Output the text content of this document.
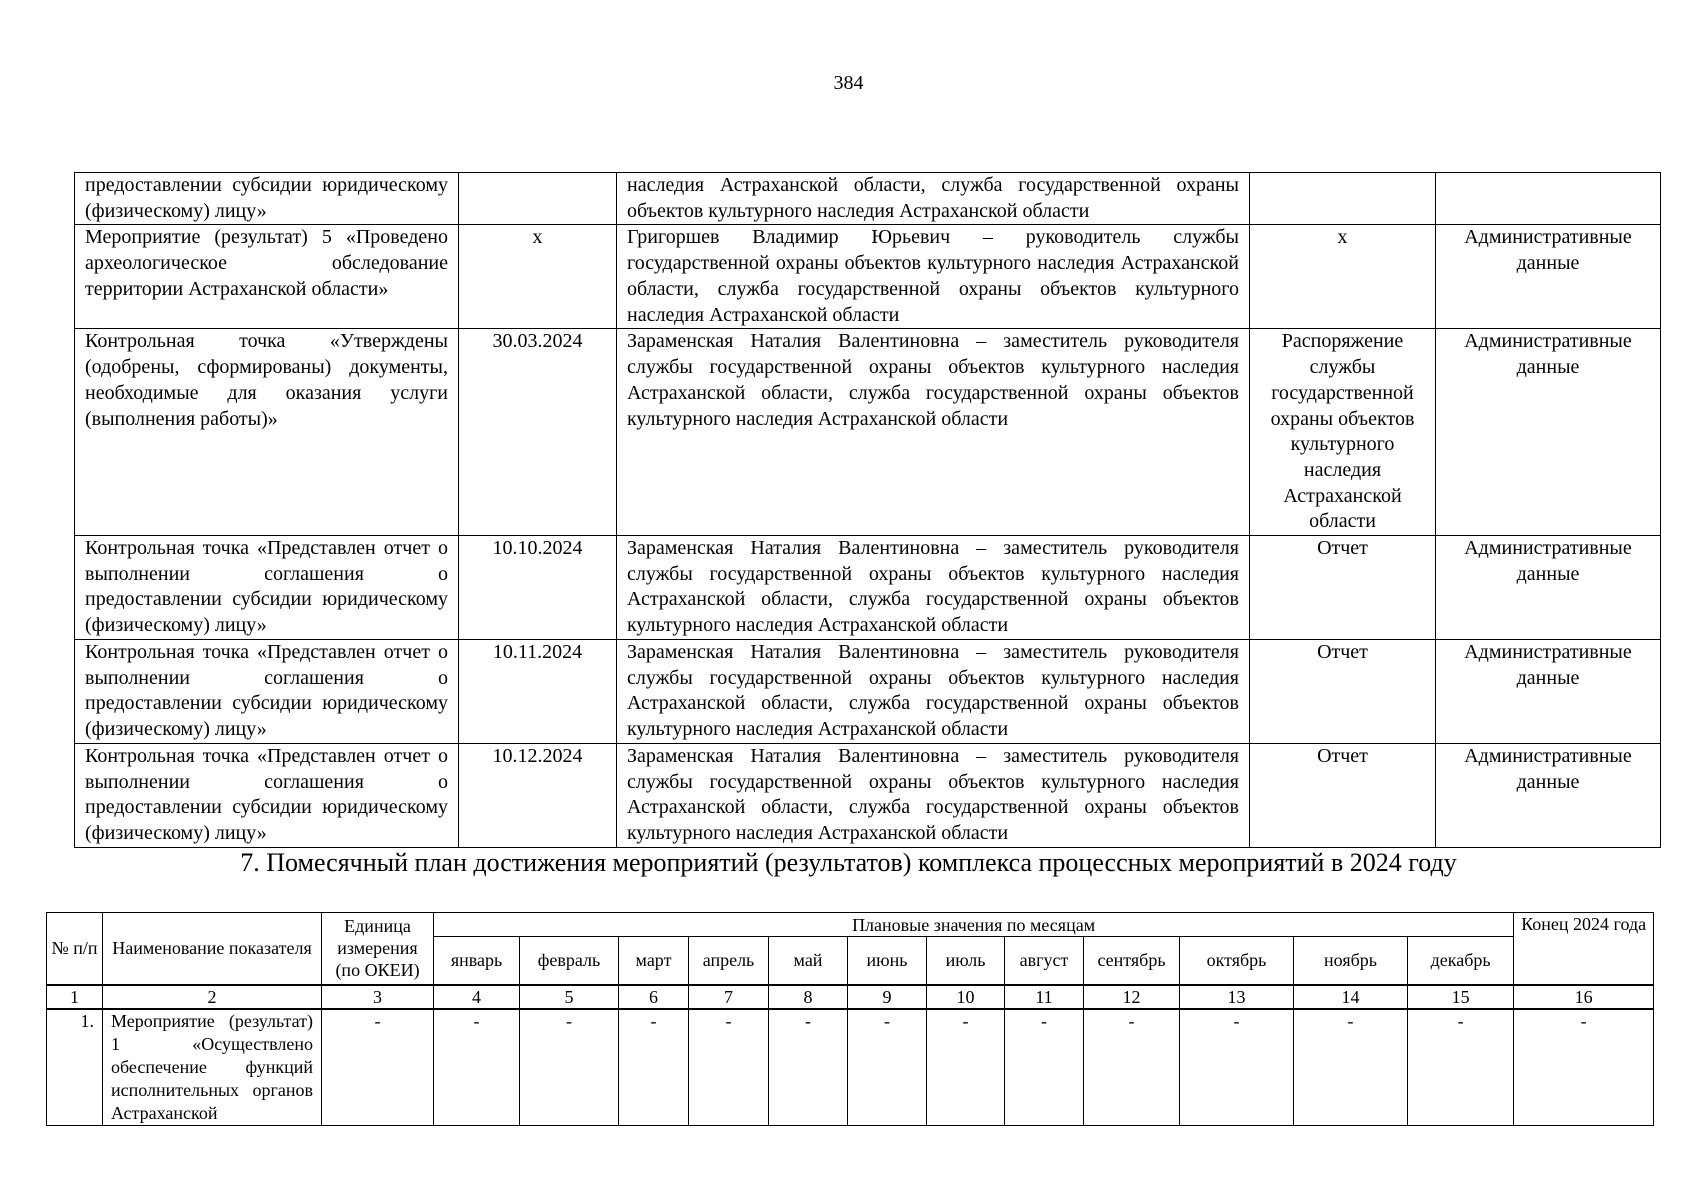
384
предоставлении субсидии юридическому (физическому) лицу»		наследия Астраханской области, служба государственной охраны объектов культурного наследия Астраханской области		
Мероприятие (результат) 5 «Проведено археологическое обследование территории Астраханской области»	x	Григоршев Владимир Юрьевич – руководитель службы государственной охраны объектов культурного наследия Астраханской области, служба государственной охраны объектов культурного наследия Астраханской области	x	Административные данные
Контрольная точка «Утверждены (одобрены, сформированы) документы, необходимые для оказания услуги (выполнения работы)»	30.03.2024	Зараменская Наталия Валентиновна – заместитель руководителя службы государственной охраны объектов культурного наследия Астраханской области, служба государственной охраны объектов культурного наследия Астраханской области	Распоряжение службы государственной охраны объектов культурного наследия Астраханской области	Административные данные
Контрольная точка «Представлен отчет о выполнении соглашения о предоставлении субсидии юридическому (физическому) лицу»	10.10.2024	Зараменская Наталия Валентиновна – заместитель руководителя службы государственной охраны объектов культурного наследия Астраханской области, служба государственной охраны объектов культурного наследия Астраханской области	Отчет	Административные данные
Контрольная точка «Представлен отчет о выполнении соглашения о предоставлении субсидии юридическому (физическому) лицу»	10.11.2024	Зараменская Наталия Валентиновна – заместитель руководителя службы государственной охраны объектов культурного наследия Астраханской области, служба государственной охраны объектов культурного наследия Астраханской области	Отчет	Административные данные
Контрольная точка «Представлен отчет о выполнении соглашения о предоставлении субсидии юридическому (физическому) лицу»	10.12.2024	Зараменская Наталия Валентиновна – заместитель руководителя службы государственной охраны объектов культурного наследия Астраханской области, служба государственной охраны объектов культурного наследия Астраханской области	Отчет	Административные данные
7. Помесячный план достижения мероприятий (результатов) комплекса процессных мероприятий в 2024 году
№ п/п	Наименование показателя	Единица измерения (по ОКЕИ)	Плановые значения по месяцам												Конец 2024 года
			январь	февраль	март	апрель	май	июнь	июль	август	сентябрь	октябрь	ноябрь	декабрь	
1	2	3	4	5	6	7	8	9	10	11	12	13	14	15	16
1.	Мероприятие (результат) 1 «Осуществлено обеспечение функций исполнительных органов Астраханской	-	-	-	-	-	-	-	-	-	-	-	-	-	-
